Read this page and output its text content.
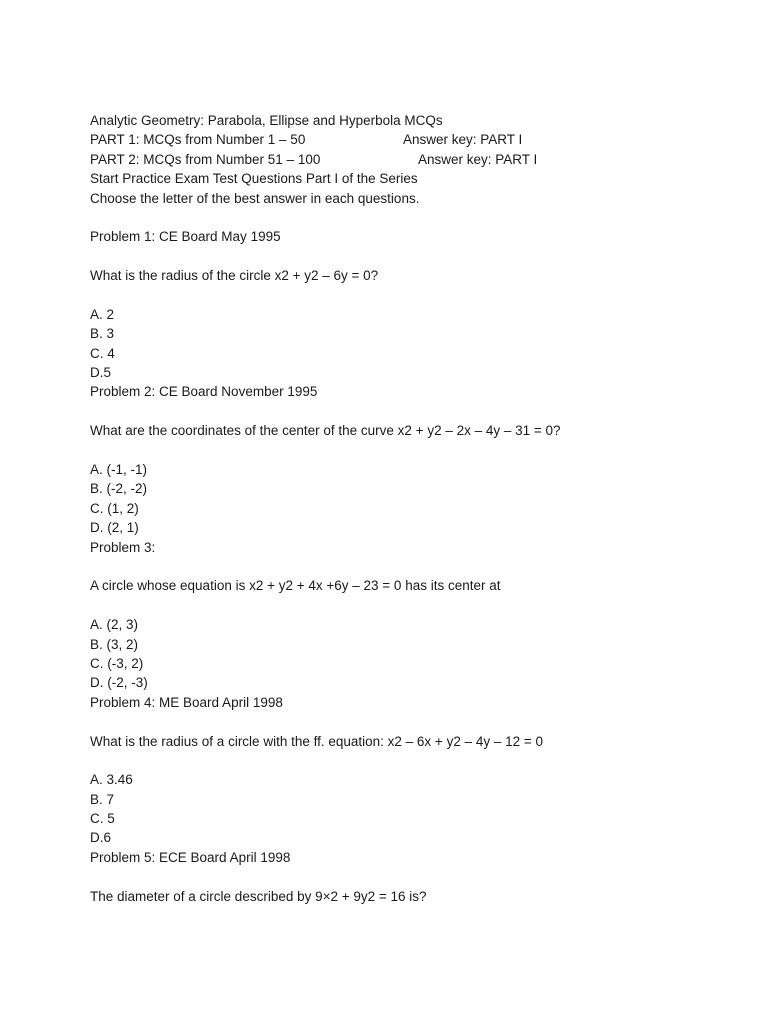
Analytic Geometry: Parabola, Ellipse and Hyperbola MCQs
PART 1: MCQs from Number 1 – 50	Answer key: PART I
PART 2: MCQs from Number 51 – 100	Answer key: PART I
Start Practice Exam Test Questions Part I of the Series
Choose the letter of the best answer in each questions.
Problem 1: CE Board May 1995
What is the radius of the circle x2 + y2 – 6y = 0?
A. 2
B. 3
C. 4
D.5
Problem 2: CE Board November 1995
What are the coordinates of the center of the curve x2 + y2 – 2x – 4y – 31 = 0?
A. (-1, -1)
B. (-2, -2)
C. (1, 2)
D. (2, 1)
Problem 3:
A circle whose equation is x2 + y2 + 4x +6y – 23 = 0 has its center at
A. (2, 3)
B. (3, 2)
C. (-3, 2)
D. (-2, -3)
Problem 4: ME Board April 1998
What is the radius of a circle with the ff. equation: x2 – 6x + y2 – 4y – 12 = 0
A. 3.46
B. 7
C. 5
D.6
Problem 5: ECE Board April 1998
The diameter of a circle described by 9×2 + 9y2 = 16 is?
